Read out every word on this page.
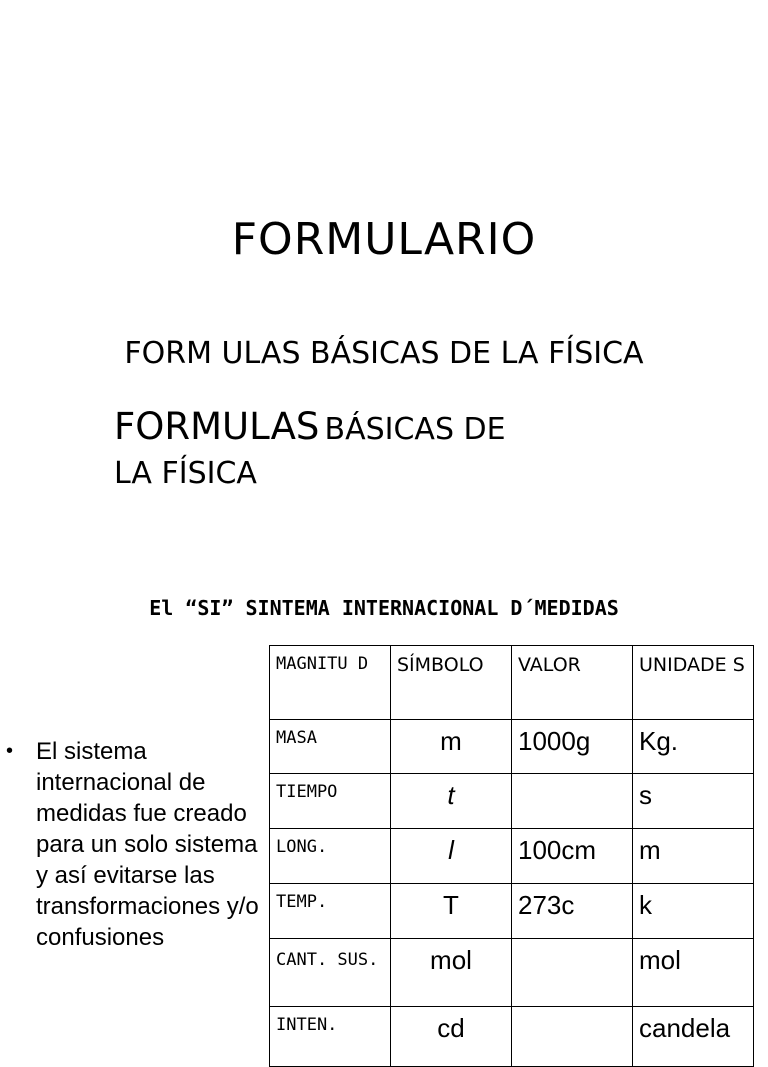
FORMULARIO
FORM ULAS BÁSICAS DE LA FÍSICA
FORMULAS BÁSICAS DE
LA FÍSICA
El “SI” SINTEMA INTERNACIONAL D´MEDIDAS
• El sistema internacional de medidas fue creado para un solo sistema y así evitarse las transformaciones y/o confusiones
MAGNITU D	SÍMBOLO	VALOR	UNIDADE S

MASA	m	1000g	Kg.

TIEMPO	t		s

LONG.	l	100cm	m

TEMP.	T	273c	k

CANT. SUS.	mol		mol

INTEN.	cd		candela
